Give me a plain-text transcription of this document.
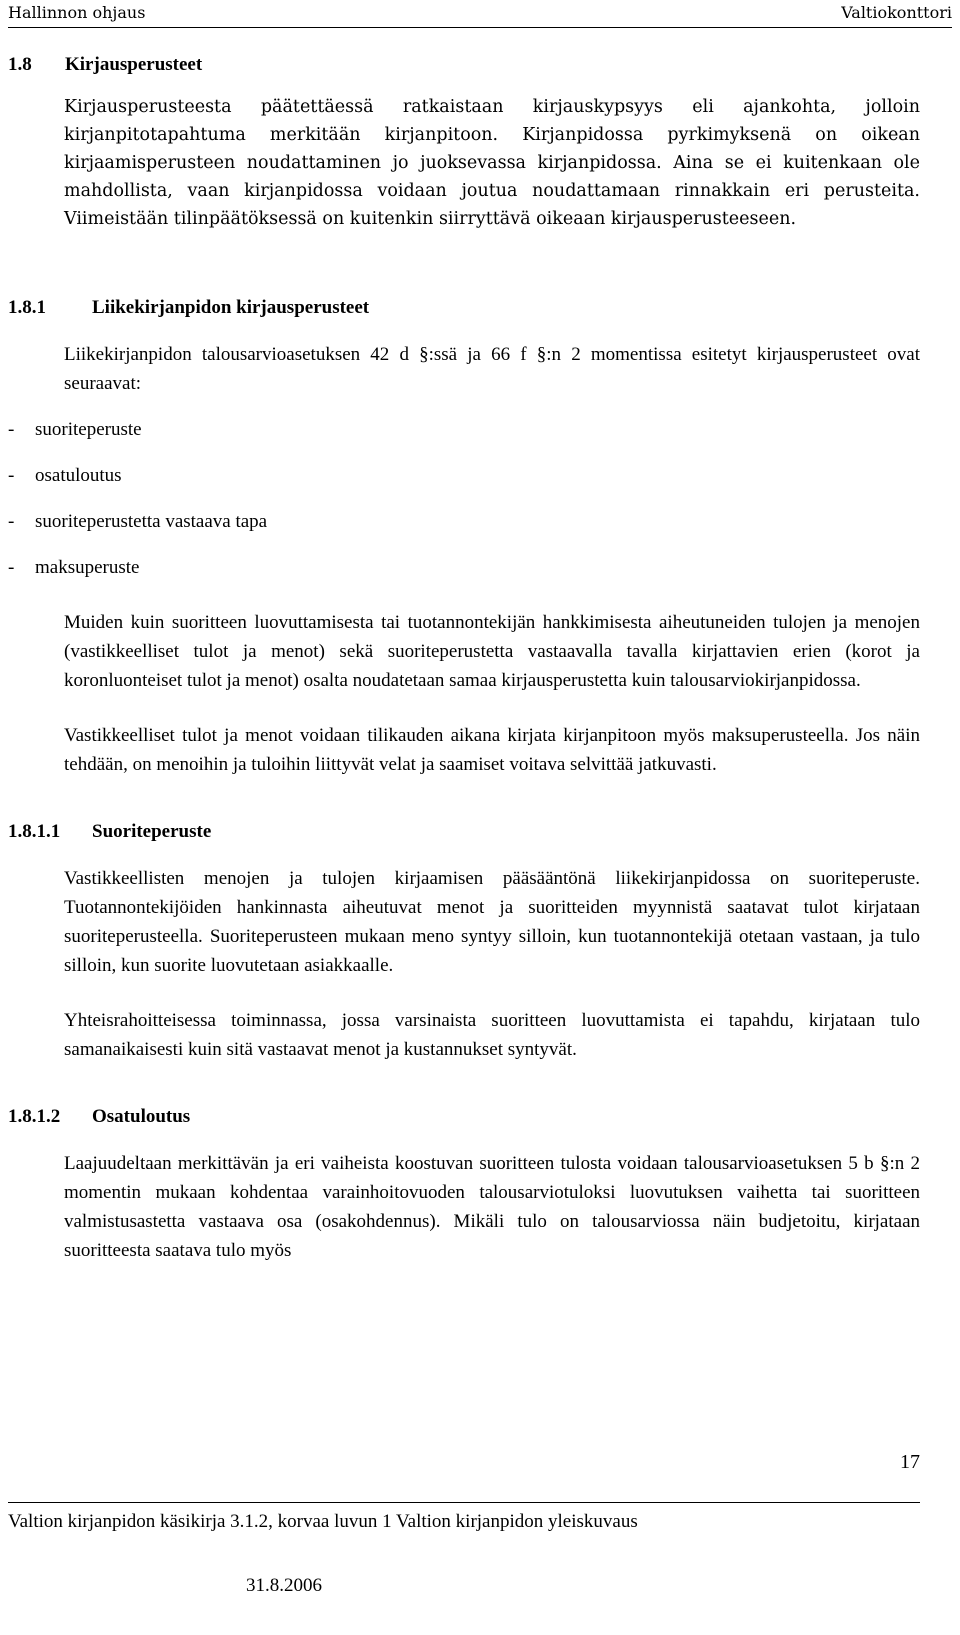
Hallinnon ohjaus	Valtiokonttori
1.8	Kirjausperusteet

Kirjausperusteesta päätettäessä ratkaistaan kirjauskypsyys eli ajankohta, jolloin kirjanpitotapahtuma merkitään kirjanpitoon. Kirjanpidossa pyrkimyksenä on oikean kirjaamisperusteen noudattaminen jo juoksevassa kirjanpidossa. Aina se ei kuitenkaan ole mahdollista, vaan kirjanpidossa voidaan joutua noudattamaan rinnakkain eri perusteita. Viimeistään tilinpäätöksessä on kuitenkin siirryttävä oikeaan kirjausperusteeseen.

1.8.1	Liikekirjanpidon kirjausperusteet

Liikekirjanpidon talousarvioasetuksen 42 d §:ssä ja 66 f §:n 2 momentissa esitetyt kirjausperusteet ovat seuraavat:

-	suoriteperuste
-	osatuloutus
-	suoriteperustetta vastaava tapa
-	maksuperuste

Muiden kuin suoritteen luovuttamisesta tai tuotannontekijän hankkimisesta aiheutuneiden tulojen ja menojen (vastikkeelliset tulot ja menot) sekä suoriteperustetta vastaavalla tavalla kirjattavien erien (korot ja koronluonteiset tulot ja menot) osalta noudatetaan samaa kirjausperustetta kuin talousarviokirjanpidossa.

Vastikkeelliset tulot ja menot voidaan tilikauden aikana kirjata kirjanpitoon myös maksuperusteella. Jos näin tehdään, on menoihin ja tuloihin liittyvät velat ja saamiset voitava selvittää jatkuvasti.

1.8.1.1	Suoriteperuste

Vastikkeellisten menojen ja tulojen kirjaamisen pääsääntönä liikekirjanpidossa on suoriteperuste. Tuotannontekijöiden hankinnasta aiheutuvat menot ja suoritteiden myynnistä saatavat tulot kirjataan suoriteperusteella. Suoriteperusteen mukaan meno syntyy silloin, kun tuotannontekijä otetaan vastaan, ja tulo silloin, kun suorite luovutetaan asiakkaalle.

Yhteisrahoitteisessa toiminnassa, jossa varsinaista suoritteen luovuttamista ei tapahdu, kirjataan tulo samanaikaisesti kuin sitä vastaavat menot ja kustannukset syntyvät.

1.8.1.2	Osatuloutus

Laajuudeltaan merkittävän ja eri vaiheista koostuvan suoritteen tulosta voidaan talousarvioasetuksen 5 b §:n 2 momentin mukaan kohdentaa varainhoitovuoden talousarviotuloksi luovutuksen vaihetta tai suoritteen valmistusastetta vastaava osa (osakohdennus). Mikäli tulo on talousarviossa näin budjetoitu, kirjataan suoritteesta saatava tulo myös

17
Valtion kirjanpidon käsikirja 3.1.2, korvaa luvun 1 Valtion kirjanpidon yleiskuvaus
31.8.2006
